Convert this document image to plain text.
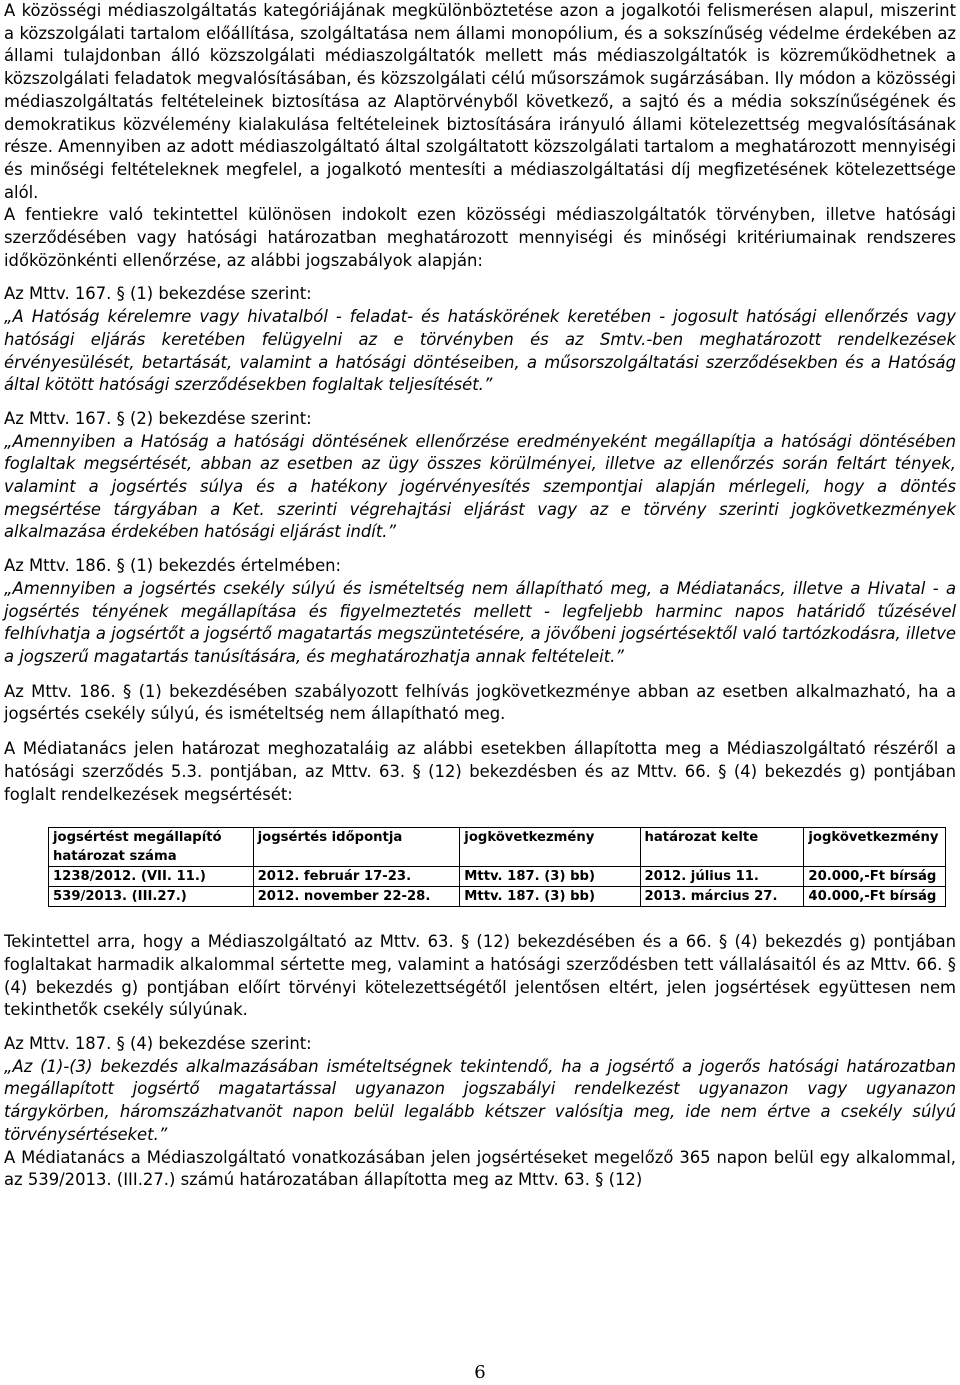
A közösségi médiaszolgáltatás kategóriájának megkülönböztetése azon a jogalkotói felismerésen alapul, miszerint a közszolgálati tartalom előállítása, szolgáltatása nem állami monopólium, és a sokszínűség védelme érdekében az állami tulajdonban álló közszolgálati médiaszolgáltatók mellett más médiaszolgáltatók is közreműködhetnek a közszolgálati feladatok megvalósításában, és közszolgálati célú műsorszámok sugárzásában. Ily módon a közösségi médiaszolgáltatás feltételeinek biztosítása az Alaptörvényből következő, a sajtó és a média sokszínűségének és demokratikus közvélemény kialakulása feltételeinek biztosítására irányuló állami kötelezettség megvalósításának része. Amennyiben az adott médiaszolgáltató által szolgáltatott közszolgálati tartalom a meghatározott mennyiségi és minőségi feltételeknek megfelel, a jogalkotó mentesíti a médiaszolgáltatási díj megfizetésének kötelezettsége alól.

A fentiekre való tekintettel különösen indokolt ezen közösségi médiaszolgáltatók törvényben, illetve hatósági szerződésében vagy hatósági határozatban meghatározott mennyiségi és minőségi kritériumainak rendszeres időközönkénti ellenőrzése, az alábbi jogszabályok alapján:

Az Mttv. 167. § (1) bekezdése szerint:

„A Hatóság kérelemre vagy hivatalból - feladat- és hatáskörének keretében - jogosult hatósági ellenőrzés vagy hatósági eljárás keretében felügyelni az e törvényben és az Smtv.-ben meghatározott rendelkezések érvényesülését, betartását, valamint a hatósági döntéseiben, a műsorszolgáltatási szerződésekben és a Hatóság által kötött hatósági szerződésekben foglaltak teljesítését.”

Az Mttv. 167. § (2) bekezdése szerint:

„Amennyiben a Hatóság a hatósági döntésének ellenőrzése eredményeként megállapítja a hatósági döntésében foglaltak megsértését, abban az esetben az ügy összes körülményei, illetve az ellenőrzés során feltárt tények, valamint a jogsértés súlya és a hatékony jogérvényesítés szempontjai alapján mérlegeli, hogy a döntés megsértése tárgyában a Ket. szerinti végrehajtási eljárást vagy az e törvény szerinti jogkövetkezmények alkalmazása érdekében hatósági eljárást indít.”

Az Mttv. 186. § (1) bekezdés értelmében:

„Amennyiben a jogsértés csekély súlyú és ismételtség nem állapítható meg, a Médiatanács, illetve a Hivatal - a jogsértés tényének megállapítása és figyelmeztetés mellett - legfeljebb harminc napos határidő tűzésével felhívhatja a jogsértőt a jogsértő magatartás megszüntetésére, a jövőbeni jogsértésektől való tartózkodásra, illetve a jogszerű magatartás tanúsítására, és meghatározhatja annak feltételeit.”

Az Mttv. 186. § (1) bekezdésében szabályozott felhívás jogkövetkezménye abban az esetben alkalmazható, ha a jogsértés csekély súlyú, és ismételtség nem állapítható meg.

A Médiatanács jelen határozat meghozataláig az alábbi esetekben állapította meg a Médiaszolgáltató részéről a hatósági szerződés 5.3. pontjában, az Mttv. 63. § (12) bekezdésben és az Mttv. 66. § (4) bekezdés g) pontjában foglalt rendelkezések megsértését:

jogsértést megállapító határozat száma	jogsértés időpontja	jogkövetkezmény	határozat kelte	jogkövetkezmény
1238/2012. (VII. 11.)	2012. február 17-23.	Mttv. 187. (3) bb)	2012. július 11.	20.000,-Ft bírság
539/2013. (III.27.)	2012. november 22-28.	Mttv. 187. (3) bb)	2013. március 27.	40.000,-Ft bírság

Tekintettel arra, hogy a Médiaszolgáltató az Mttv. 63. § (12) bekezdésében és a 66. § (4) bekezdés g) pontjában foglaltakat harmadik alkalommal sértette meg, valamint a hatósági szerződésben tett vállalásaitól és az Mttv. 66. § (4) bekezdés g) pontjában előírt törvényi kötelezettségétől jelentősen eltért, jelen jogsértések együttesen nem tekinthetők csekély súlyúnak.

Az Mttv. 187. § (4) bekezdése szerint:

„Az (1)-(3) bekezdés alkalmazásában ismételtségnek tekintendő, ha a jogsértő a jogerős hatósági határozatban megállapított jogsértő magatartással ugyanazon jogszabályi rendelkezést ugyanazon vagy ugyanazon tárgykörben, háromszázhatvanöt napon belül legalább kétszer valósítja meg, ide nem értve a csekély súlyú törvénysértéseket.”

A Médiatanács a Médiaszolgáltató vonatkozásában jelen jogsértéseket megelőző 365 napon belül egy alkalommal, az 539/2013. (III.27.) számú határozatában állapította meg az Mttv. 63. § (12)

6
